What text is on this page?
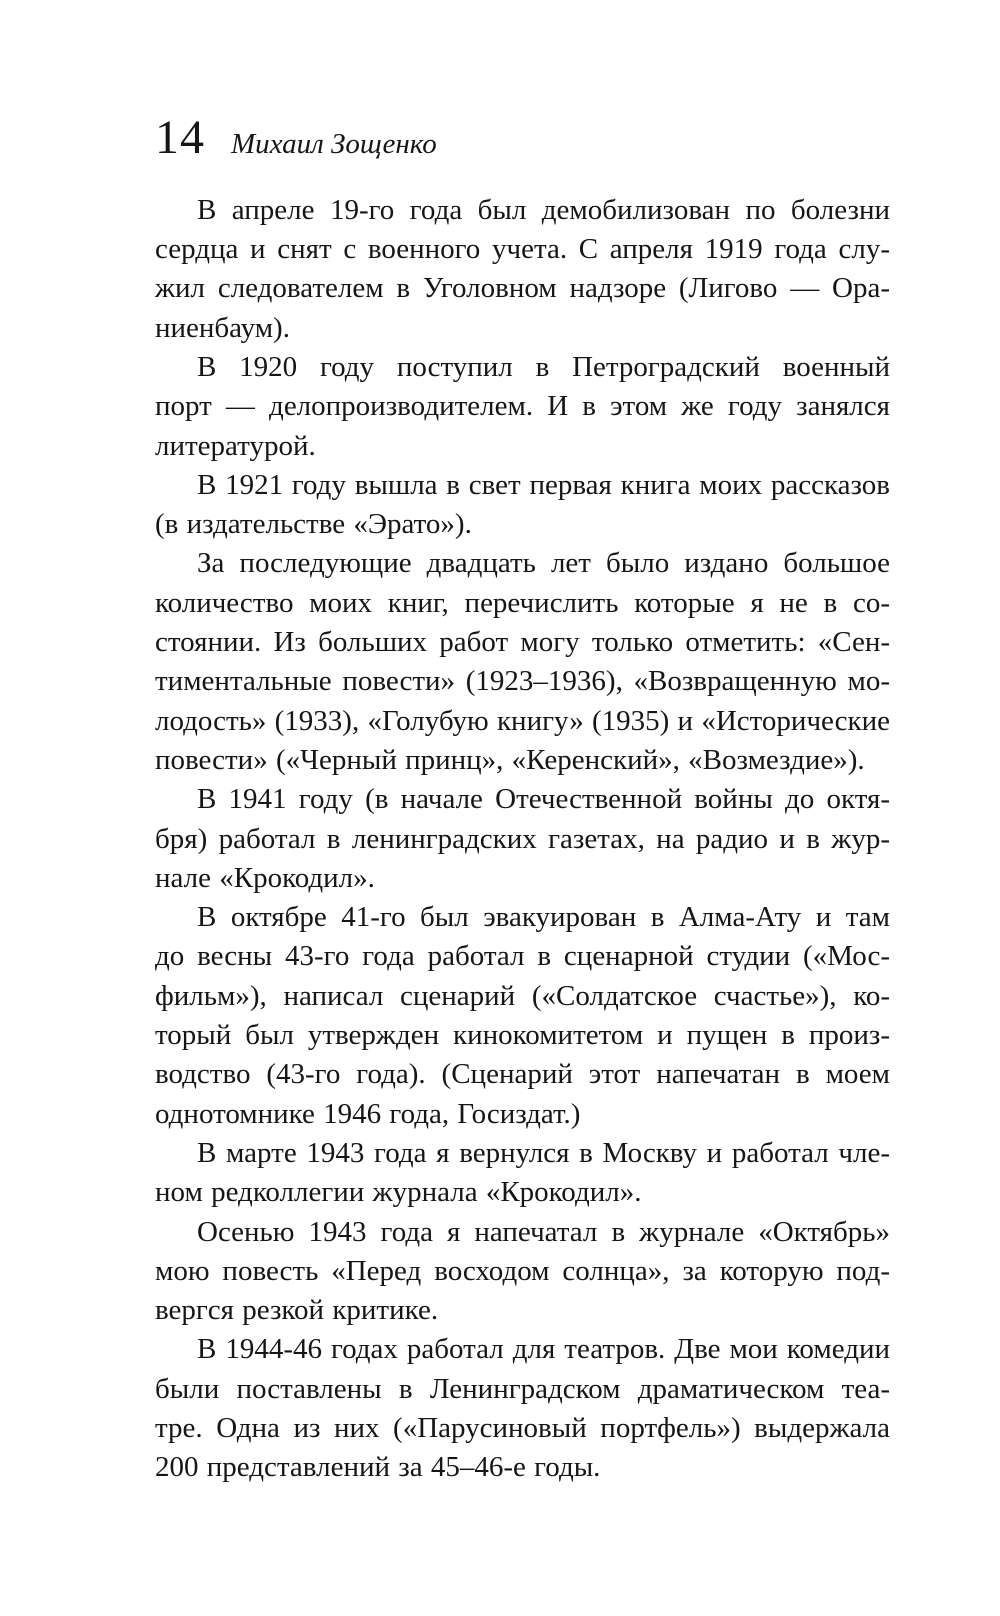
14 Михаил Зощенко

В апреле 19-го года был демобилизован по болезни
сердца и снят с военного учета. С апреля 1919 года слу-
жил следователем в Уголовном надзоре (Лигово — Ора-
ниенбаум).

В 1920 году поступил в Петроградский военный
порт — делопроизводителем. И в этом же году занялся
литературой.

В 1921 году вышла в свет первая книга моих рассказов
(в издательстве «Эрато»).

За последующие двадцать лет было издано большое
количество моих книг, перечислить которые я не в со-
стоянии. Из больших работ могу только отметить: «Сен-
тиментальные повести» (1923–1936), «Возвращенную мо-
лодость» (1933), «Голубую книгу» (1935) и «Исторические
повести» («Черный принц», «Керенский», «Возмездие»).

В 1941 году (в начале Отечественной войны до октя-
бря) работал в ленинградских газетах, на радио и в жур-
нале «Крокодил».

В октябре 41-го был эвакуирован в Алма-Ату и там
до весны 43-го года работал в сценарной студии («Мос-
фильм»), написал сценарий («Солдатское счастье»), ко-
торый был утвержден кинокомитетом и пущен в произ-
водство (43-го года). (Сценарий этот напечатан в моем
однотомнике 1946 года, Госиздат.)

В марте 1943 года я вернулся в Москву и работал чле-
ном редколлегии журнала «Крокодил».

Осенью 1943 года я напечатал в журнале «Октябрь»
мою повесть «Перед восходом солнца», за которую под-
вергся резкой критике.

В 1944-46 годах работал для театров. Две мои комедии
были поставлены в Ленинградском драматическом теа-
тре. Одна из них («Парусиновый портфель») выдержала
200 представлений за 45–46-е годы.
